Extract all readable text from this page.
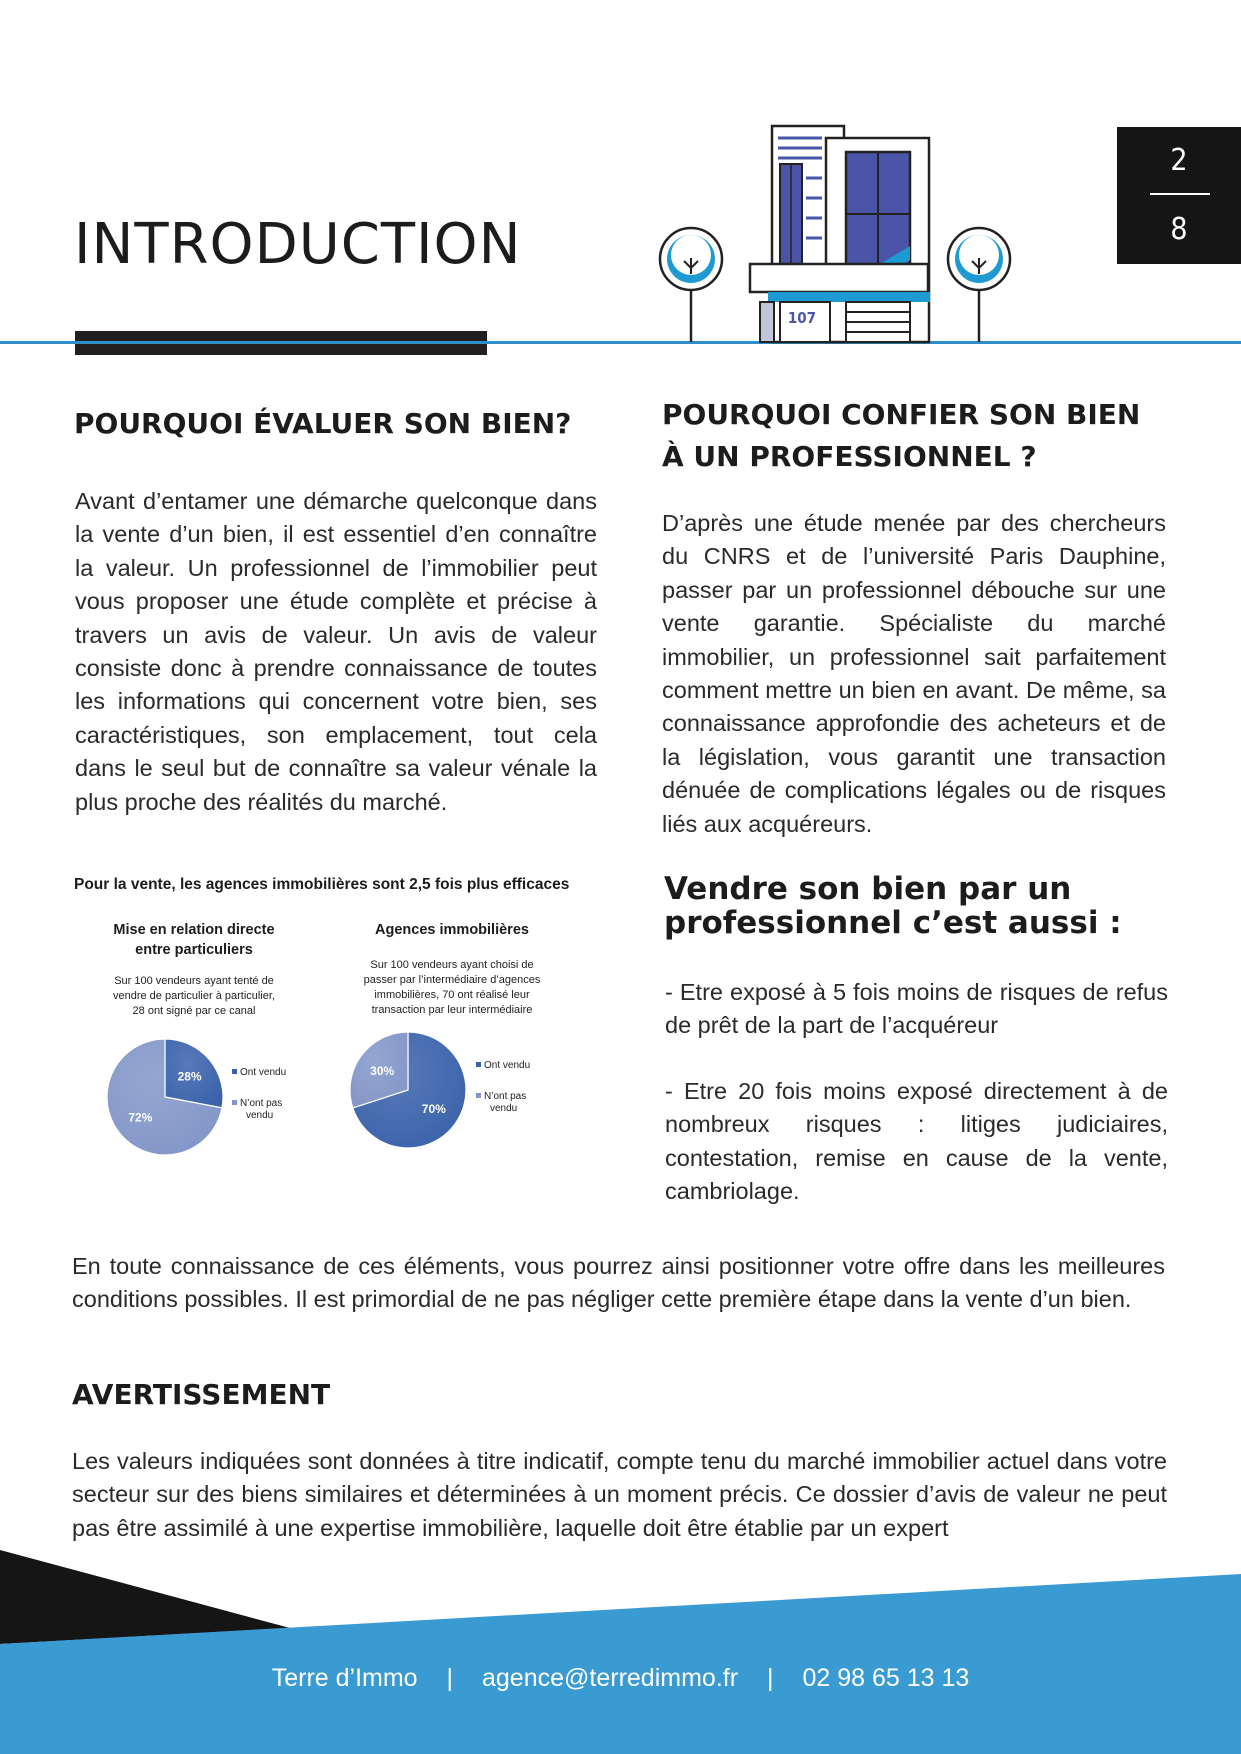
INTRODUCTION
107
2
8
POURQUOI ÉVALUER SON BIEN?

Avant d’entamer une démarche quelconque dans la vente d’un bien, il est essentiel d’en connaître la valeur. Un professionnel de l’immobilier peut vous proposer une étude complète et précise à travers un avis de valeur. Un avis de valeur consiste donc à prendre connaissance de toutes les informations qui concernent votre bien, ses caractéristiques, son emplacement, tout cela dans le seul but de connaître sa valeur vénale la plus proche des réalités du marché.

Pour la vente, les agences immobilières sont 2,5 fois plus efficaces
Mise en relation directe
entre particuliers
Sur 100 vendeurs ayant tenté de
vendre de particulier à particulier,
28 ont signé par ce canal
28%
72%
Ont vendu
N’ont pas
vendu
Agences immobilières
Sur 100 vendeurs ayant choisi de
passer par l’intermédiaire d’agences
immobilières, 70 ont réalisé leur
transaction par leur intermédiaire
70%
30%	Ont vendu
N’ont pas
vendu
POURQUOI CONFIER SON BIEN
À UN PROFESSIONNEL ?

D’après une étude menée par des chercheurs du CNRS et de l’université Paris Dauphine, passer par un professionnel débouche sur une vente garantie. Spécialiste du marché immobilier, un professionnel sait parfaitement comment mettre un bien en avant. De même, sa connaissance approfondie des acheteurs et de la législation, vous garantit une transaction dénuée de complications légales ou de risques liés aux acquéreurs.

Vendre son bien par un
professionnel c’est aussi :

- Etre exposé à 5 fois moins de risques de refus de prêt de la part de l’acquéreur

- Etre 20 fois moins exposé directement à de nombreux risques : litiges judiciaires, contestation, remise en cause de la vente, cambriolage.

En toute connaissance de ces éléments, vous pourrez ainsi positionner votre offre dans les meilleures conditions possibles. Il est primordial de ne pas négliger cette première étape dans la vente d’un bien.

AVERTISSEMENT

Les valeurs indiquées sont données à titre indicatif, compte tenu du marché immobilier actuel dans votre secteur sur des biens similaires et déterminées à un moment précis. Ce dossier d’avis de valeur ne peut pas être assimilé à une expertise immobilière, laquelle doit être établie par un expert

Terre d’Immo | agence@terredimmo.fr | 02 98 65 13 13
